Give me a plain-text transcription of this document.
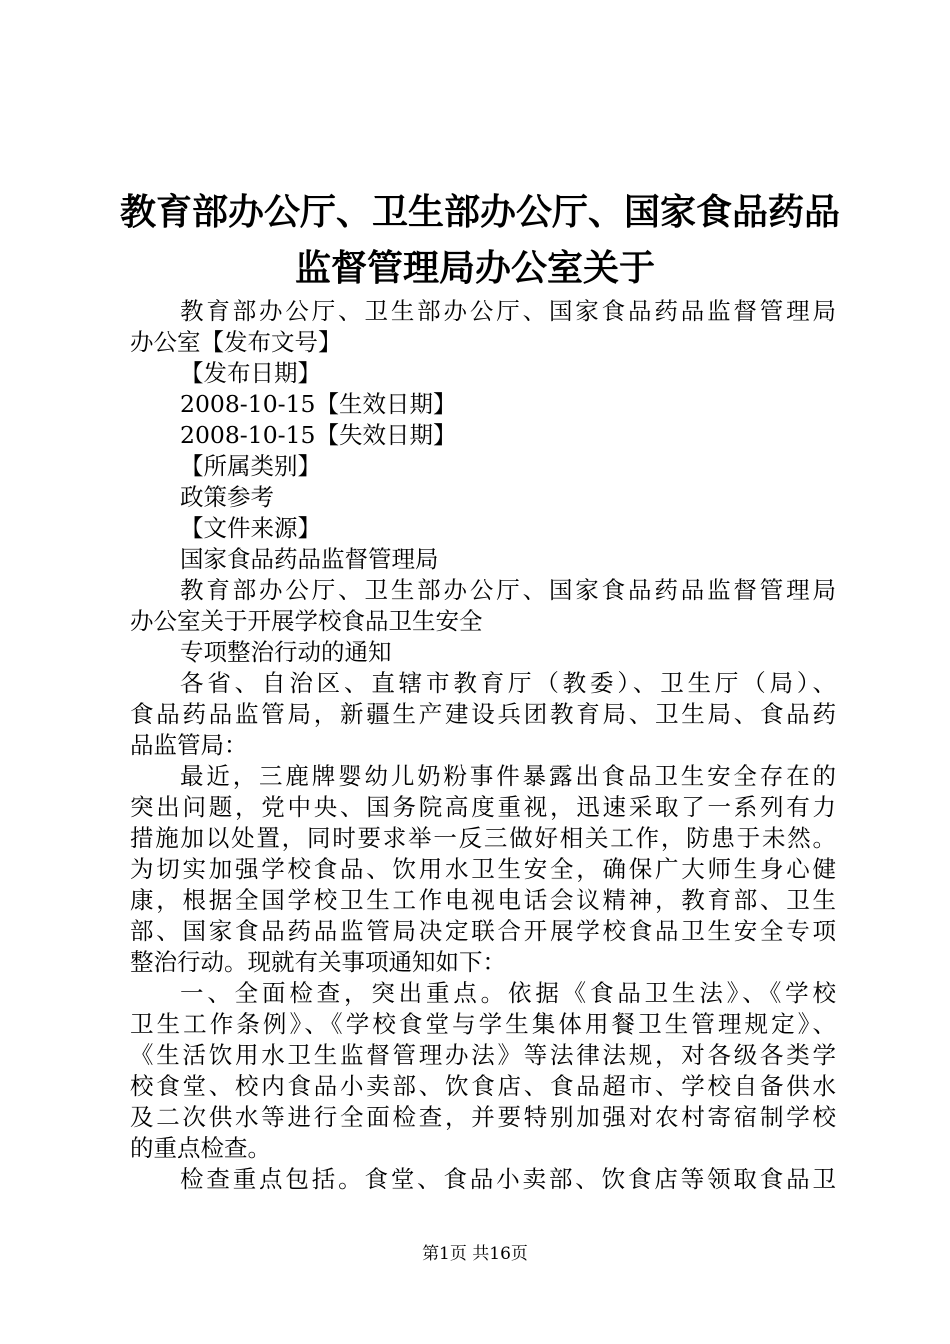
教育部办公厅、卫生部办公厅、国家食品药品
监督管理局办公室关于
教育部办公厅、卫生部办公厅、国家食品药品监督管理局
办公室【发布文号】
【发布日期】
2008-10-15【生效日期】
2008-10-15【失效日期】
【所属类别】
政策参考
【文件来源】
国家食品药品监督管理局
教育部办公厅、卫生部办公厅、国家食品药品监督管理局
办公室关于开展学校食品卫生安全
专项整治行动的通知
各省、自治区、直辖市教育厅（教委）、卫生厅（局）、
食品药品监管局，新疆生产建设兵团教育局、卫生局、食品药
品监管局：
最近，三鹿牌婴幼儿奶粉事件暴露出食品卫生安全存在的
突出问题，党中央、国务院高度重视，迅速采取了一系列有力
措施加以处置，同时要求举一反三做好相关工作，防患于未然。
为切实加强学校食品、饮用水卫生安全，确保广大师生身心健
康，根据全国学校卫生工作电视电话会议精神，教育部、卫生
部、国家食品药品监管局决定联合开展学校食品卫生安全专项
整治行动。现就有关事项通知如下：
一、全面检查，突出重点。依据《食品卫生法》、《学校
卫生工作条例》、《学校食堂与学生集体用餐卫生管理规定》、
《生活饮用水卫生监督管理办法》等法律法规，对各级各类学
校食堂、校内食品小卖部、饮食店、食品超市、学校自备供水
及二次供水等进行全面检查，并要特别加强对农村寄宿制学校
的重点检查。
检查重点包括。食堂、食品小卖部、饮食店等领取食品卫
第1页 共16页
